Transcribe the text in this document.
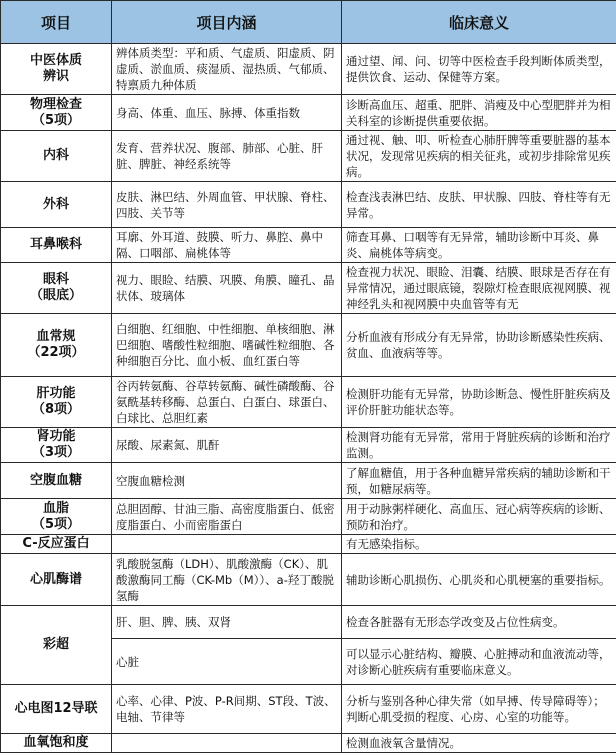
项目	项目内涵	临床意义

中医体质
辨识	辨体质类型：平和质、气虚质、阳虚质、阴虚质、淤血质、痰湿质、湿热质、气郁质、特禀质九种体质	通过望、闻、问、切等中医检查手段判断体质类型，提供饮食、运动、保健等方案。

物理检查
（5项）	身高、体重、血压、脉搏、体重指数	诊断高血压、超重、肥胖、消瘦及中心型肥胖并为相关科室的诊断提供重要依据。

内科	发育、营养状况、腹部、肺部、心脏、肝脏、脾脏、神经系统等	通过视、触、叩、听检查心肺肝脾等重要脏器的基本状况，发现常见疾病的相关征兆，或初步排除常见疾病。

外科	皮肤、淋巴结、外周血管、甲状腺、脊柱、四肢、关节等	检查浅表淋巴结、皮肤、甲状腺、四肢、脊柱等有无异常。

耳鼻喉科	耳廓、外耳道、鼓膜、听力、鼻腔、鼻中隔、口咽部、扁桃体等	筛查耳鼻、口咽等有无异常，辅助诊断中耳炎、鼻炎、扁桃体等病变。

眼科
（眼底）	视力、眼睑、结膜、巩膜、角膜、瞳孔、晶状体、玻璃体	检查视力状况、眼睑、泪囊、结膜、眼球是否存在有异常情况，通过眼底镜，裂隙灯检查眼底视网膜、视神经乳头和视网膜中央血管等有无

血常规
（22项）	白细胞、红细胞、中性细胞、单核细胞、淋巴细胞、嗜酸性粒细胞、嗜碱性粒细胞、各种细胞百分比、血小板、血红蛋白等	分析血液有形成分有无异常，协助诊断感染性疾病、贫血、血液病等等。

肝功能
（8项）	谷丙转氨酶、谷草转氨酶、碱性磷酸酶、谷氨酰基转移酶、总蛋白、白蛋白、球蛋白、白球比、总胆红素	检测肝功能有无异常，协助诊断急、慢性肝脏疾病及评价肝脏功能状态等。

肾功能
（3项）	尿酸、尿素氮、肌酐	检测肾功能有无异常，常用于肾脏疾病的诊断和治疗监测。

空腹血糖	空腹血糖检测	了解血糖值，用于各种血糖异常疾病的辅助诊断和干预，如糖尿病等。

血脂
（5项）	总胆固醇、甘油三脂、高密度脂蛋白、低密度脂蛋白、小而密脂蛋白	用于动脉粥样硬化、高血压、冠心病等疾病的诊断、预防和治疗。

C-反应蛋白		有无感染指标。

心肌酶谱	乳酸脱氢酶（LDH）、肌酸激酶（CK）、肌酸激酶同工酶（CK-Mb（M））、a-羟丁酸脱氢酶	辅助诊断心肌损伤、心肌炎和心肌梗塞的重要指标。

彩超	肝、胆、脾、胰、双肾	检查各脏器有无形态学改变及占位性病变。
	心脏	可以显示心脏结构、瓣膜、心脏搏动和血液流动等，对诊断心脏疾病有重要临床意义。

心电图12导联	心率、心律、P波、P-R间期、ST段、T波、电轴、节律等	分析与鉴别各种心律失常（如早搏、传导障碍等）；判断心肌受损的程度、心房、心室的功能等。

血氧饱和度		检测血液氧含量情况。
